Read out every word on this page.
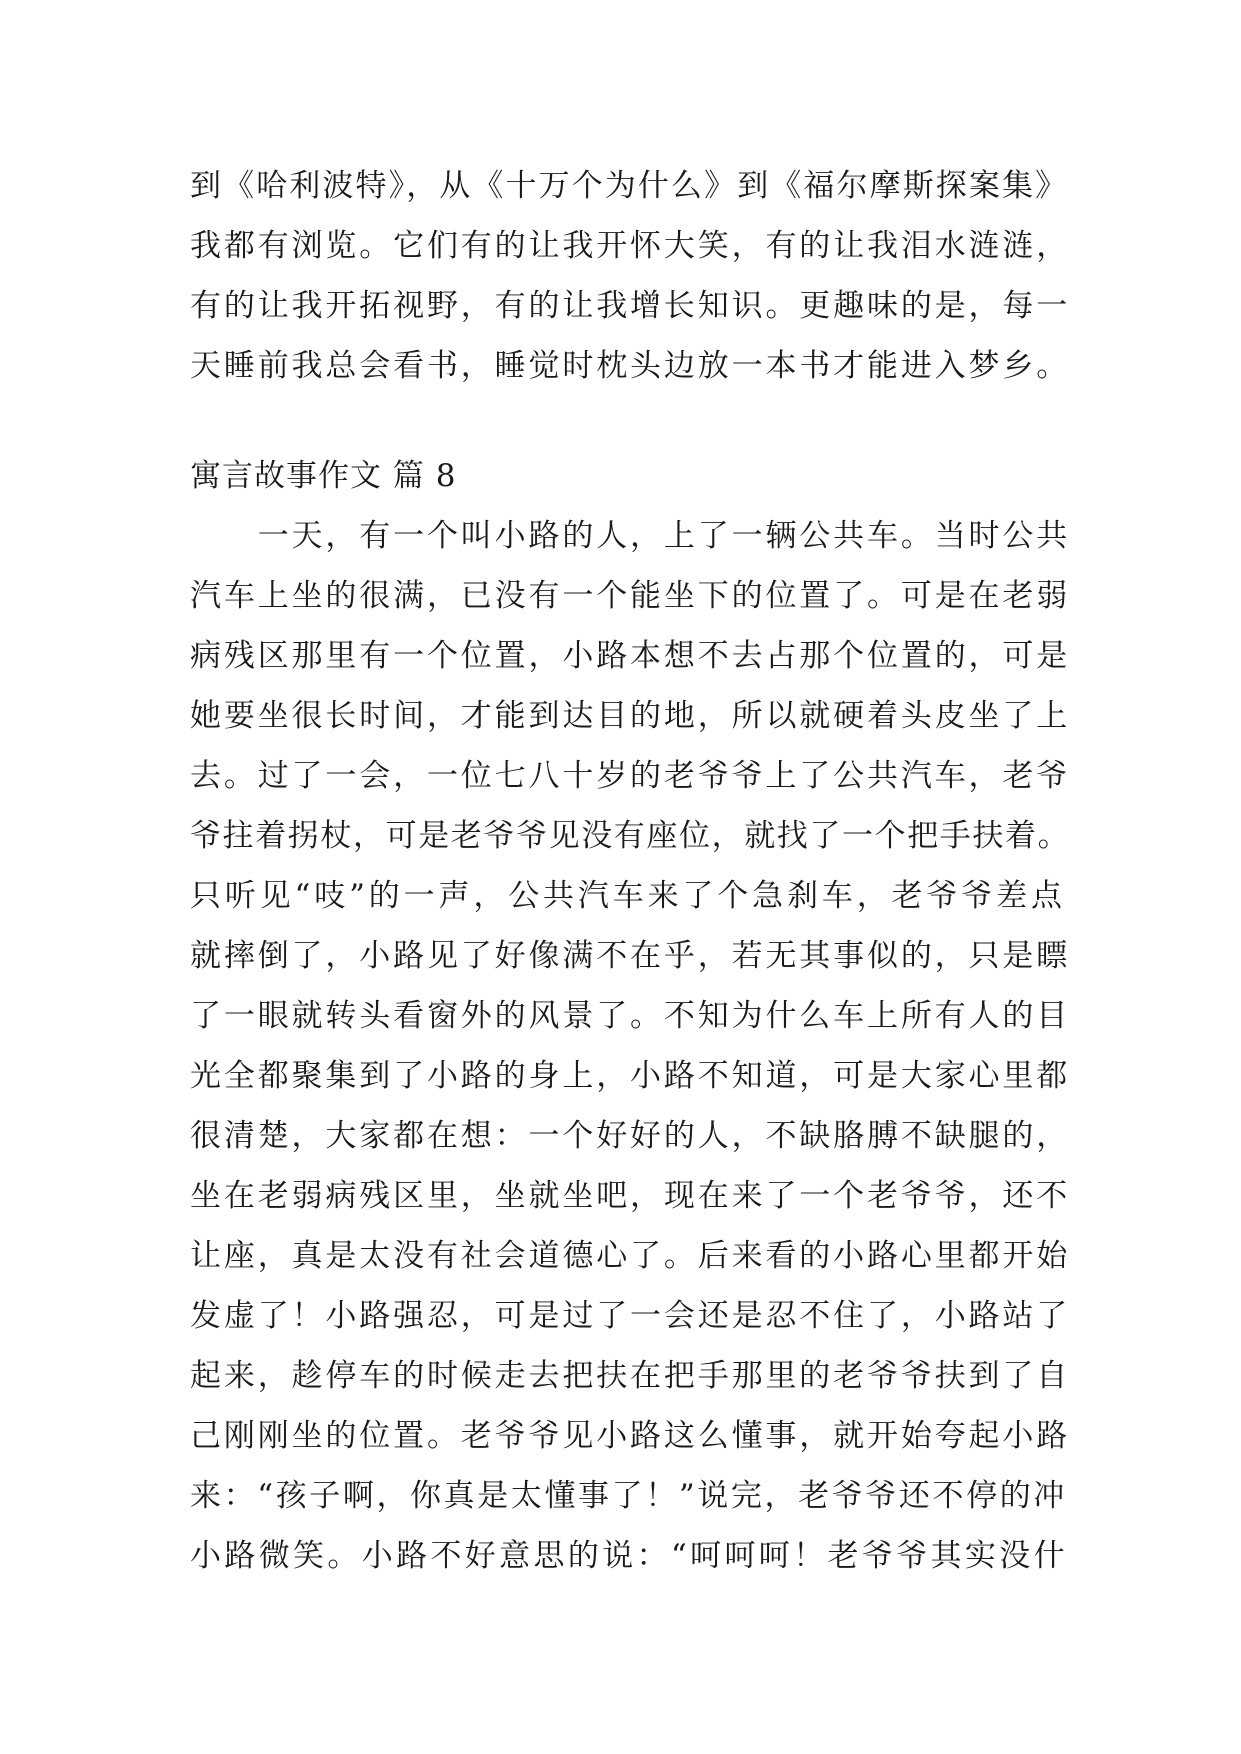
到《哈利波特》，从《十万个为什么》到《福尔摩斯探案集》
我都有浏览。它们有的让我开怀大笑，有的让我泪水涟涟，
有的让我开拓视野，有的让我增长知识。更趣味的是，每一
天睡前我总会看书，睡觉时枕头边放一本书才能进入梦乡。
寓言故事作文 篇 8
　　一天，有一个叫小路的人，上了一辆公共车。当时公共
汽车上坐的很满，已没有一个能坐下的位置了。可是在老弱
病残区那里有一个位置，小路本想不去占那个位置的，可是
她要坐很长时间，才能到达目的地，所以就硬着头皮坐了上
去。过了一会，一位七八十岁的老爷爷上了公共汽车，老爷
爷拄着拐杖，可是老爷爷见没有座位，就找了一个把手扶着。
只听见“吱”的一声，公共汽车来了个急刹车，老爷爷差点
就摔倒了，小路见了好像满不在乎，若无其事似的，只是瞟
了一眼就转头看窗外的风景了。不知为什么车上所有人的目
光全都聚集到了小路的身上，小路不知道，可是大家心里都
很清楚，大家都在想：一个好好的人，不缺胳膊不缺腿的，
坐在老弱病残区里，坐就坐吧，现在来了一个老爷爷，还不
让座，真是太没有社会道德心了。后来看的小路心里都开始
发虚了！小路强忍，可是过了一会还是忍不住了，小路站了
起来，趁停车的时候走去把扶在把手那里的老爷爷扶到了自
己刚刚坐的位置。老爷爷见小路这么懂事，就开始夸起小路
来：“孩子啊，你真是太懂事了！”说完，老爷爷还不停的冲
小路微笑。小路不好意思的说：“呵呵呵！老爷爷其实没什
